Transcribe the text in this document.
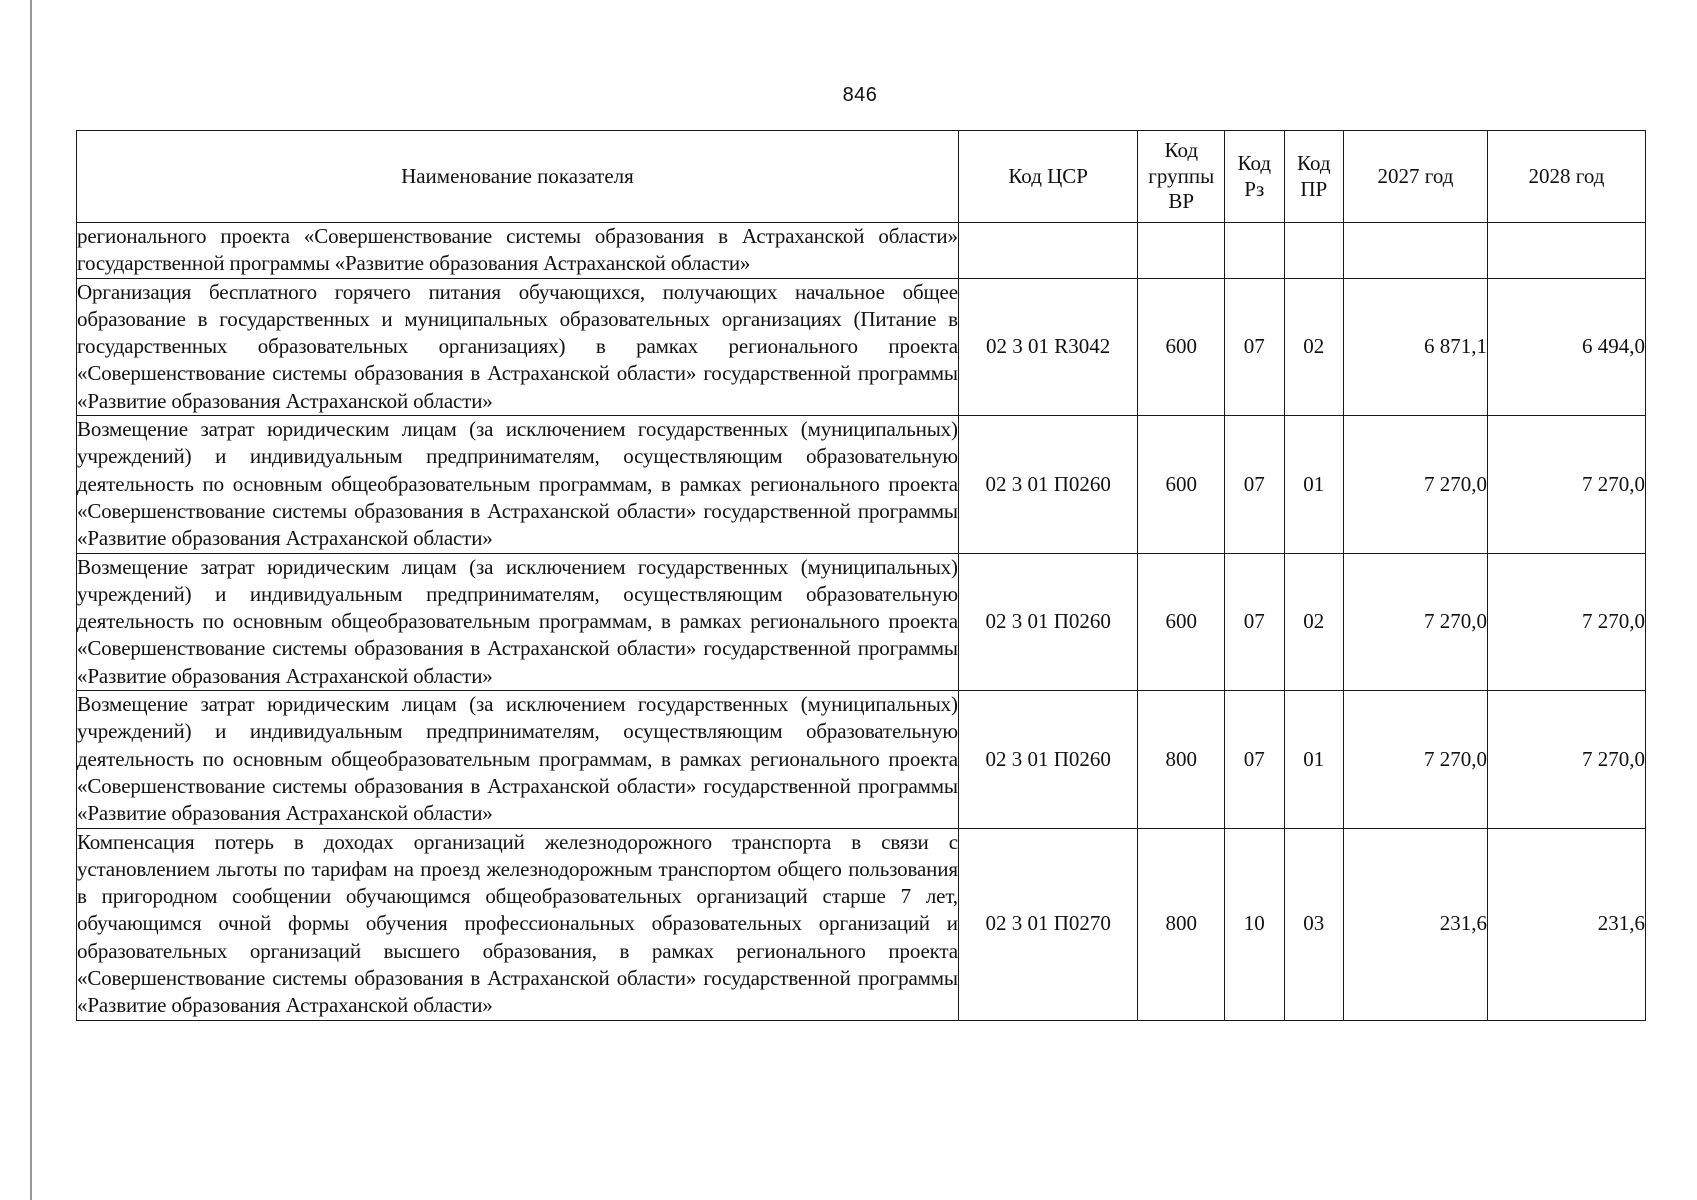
846
Наименование показателя	Код ЦСР	Код группы ВР	Код Рз	Код ПР	2027 год	2028 год
регионального проекта «Совершенствование системы образования в Астраханской области» государственной программы «Развитие образования Астраханской области»						
Организация бесплатного горячего питания обучающихся, получающих начальное общее образование в государственных и муниципальных образовательных организациях (Питание в государственных образовательных организациях) в рамках регионального проекта «Совершенствование системы образования в Астраханской области» государственной программы «Развитие образования Астраханской области»	02 3 01 R3042	600	07	02	6 871,1	6 494,0
Возмещение затрат юридическим лицам (за исключением государственных (муниципальных) учреждений) и индивидуальным предпринимателям, осуществляющим образовательную деятельность по основным общеобразовательным программам, в рамках регионального проекта «Совершенствование системы образования в Астраханской области» государственной программы «Развитие образования Астраханской области»	02 3 01 П0260	600	07	01	7 270,0	7 270,0
Возмещение затрат юридическим лицам (за исключением государственных (муниципальных) учреждений) и индивидуальным предпринимателям, осуществляющим образовательную деятельность по основным общеобразовательным программам, в рамках регионального проекта «Совершенствование системы образования в Астраханской области» государственной программы «Развитие образования Астраханской области»	02 3 01 П0260	600	07	02	7 270,0	7 270,0
Возмещение затрат юридическим лицам (за исключением государственных (муниципальных) учреждений) и индивидуальным предпринимателям, осуществляющим образовательную деятельность по основным общеобразовательным программам, в рамках регионального проекта «Совершенствование системы образования в Астраханской области» государственной программы «Развитие образования Астраханской области»	02 3 01 П0260	800	07	01	7 270,0	7 270,0
Компенсация потерь в доходах организаций железнодорожного транспорта в связи с установлением льготы по тарифам на проезд железнодорожным транспортом общего пользования в пригородном сообщении обучающимся общеобразовательных организаций старше 7 лет, обучающимся очной формы обучения профессиональных образовательных организаций и образовательных организаций высшего образования, в рамках регионального проекта «Совершенствование системы образования в Астраханской области» государственной программы «Развитие образования Астраханской области»	02 3 01 П0270	800	10	03	231,6	231,6
